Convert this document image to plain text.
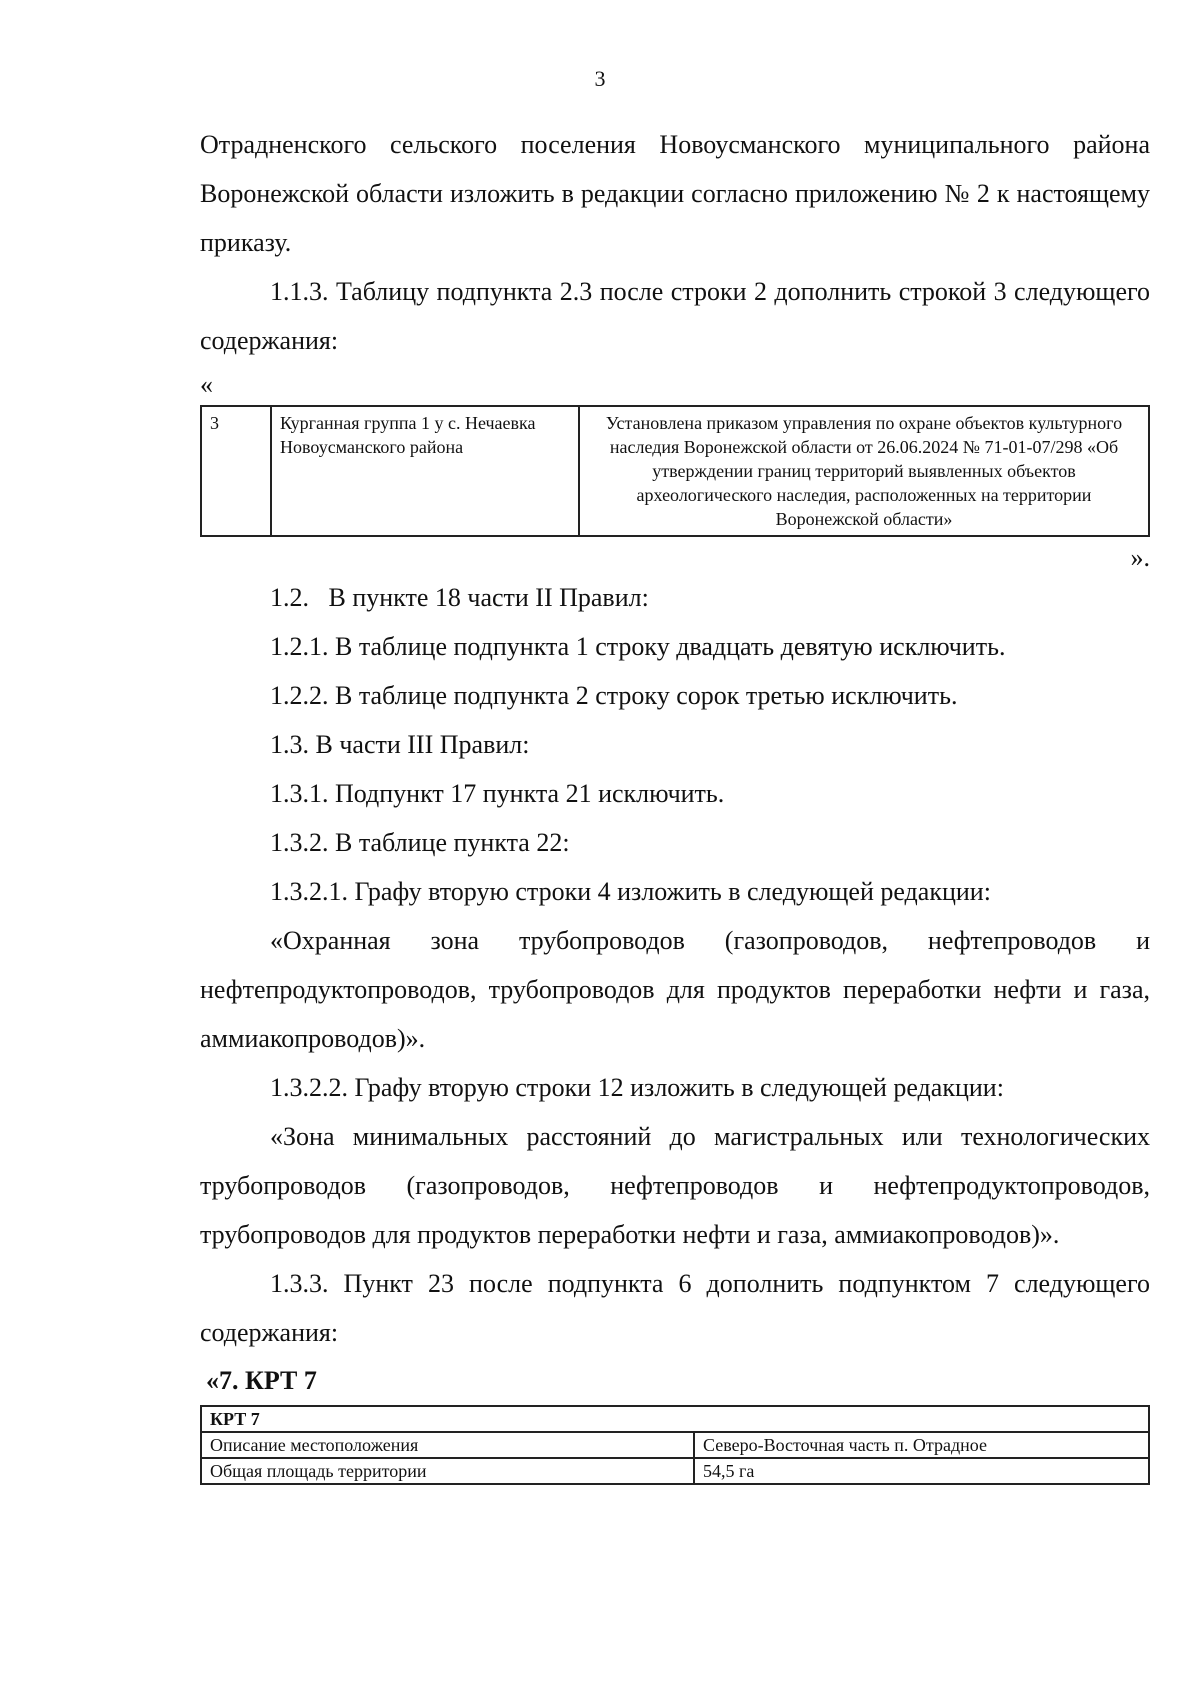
3

Отрадненского сельского поселения Новоусманского муниципального района Воронежской области изложить в редакции согласно приложению № 2 к настоящему приказу.

1.1.3. Таблицу подпункта 2.3 после строки 2 дополнить строкой 3 следующего содержания:

«

3	Курганная группа 1 у с. Нечаевка Новоусманского района	Установлена приказом управления по охране объектов культурного наследия Воронежской области от 26.06.2024 № 71-01-07/298 «Об утверждении границ территорий выявленных объектов археологического наследия, расположенных на территории Воронежской области»

».

1.2.   В пункте 18 части II Правил:

1.2.1. В таблице подпункта 1 строку двадцать девятую исключить.

1.2.2. В таблице подпункта 2 строку сорок третью исключить.

1.3. В части III Правил:

1.3.1. Подпункт 17 пункта 21 исключить.

1.3.2. В таблице пункта 22:

1.3.2.1. Графу вторую строки 4 изложить в следующей редакции:

«Охранная зона трубопроводов (газопроводов, нефтепроводов и нефтепродуктопроводов, трубопроводов для продуктов переработки нефти и газа, аммиакопроводов)».

1.3.2.2. Графу вторую строки 12 изложить в следующей редакции:

«Зона минимальных расстояний до магистральных или технологических трубопроводов (газопроводов, нефтепроводов и нефтепродуктопроводов, трубопроводов для продуктов переработки нефти и газа, аммиакопроводов)».

1.3.3. Пункт 23 после подпункта 6 дополнить подпунктом 7 следующего содержания:

«7. КРТ 7
КРТ 7	
Описание местоположения	Северо-Восточная часть п. Отрадное
Общая площадь территории	54,5 га
